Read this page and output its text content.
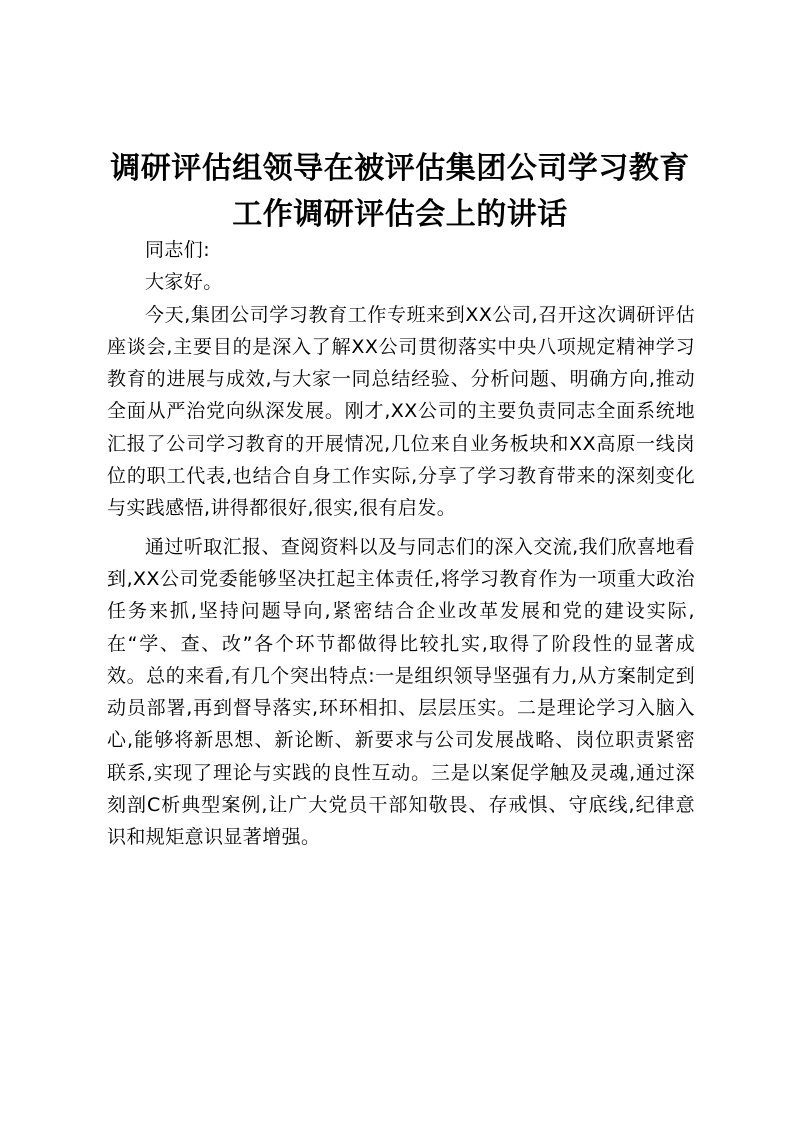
调研评估组领导在被评估集团公司学习教育工作调研评估会上的讲话

同志们:

大家好。

今天,集团公司学习教育工作专班来到XX公司,召开这次调研评估座谈会,主要目的是深入了解XX公司贯彻落实中央八项规定精神学习教育的进展与成效,与大家一同总结经验、分析问题、明确方向,推动全面从严治党向纵深发展。刚才,XX公司的主要负责同志全面系统地汇报了公司学习教育的开展情况,几位来自业务板块和XX高原一线岗位的职工代表,也结合自身工作实际,分享了学习教育带来的深刻变化与实践感悟,讲得都很好,很实,很有启发。

通过听取汇报、查阅资料以及与同志们的深入交流,我们欣喜地看到,XX公司党委能够坚决扛起主体责任,将学习教育作为一项重大政治任务来抓,坚持问题导向,紧密结合企业改革发展和党的建设实际,在“学、查、改”各个环节都做得比较扎实,取得了阶段性的显著成效。总的来看,有几个突出特点:一是组织领导坚强有力,从方案制定到动员部署,再到督导落实,环环相扣、层层压实。二是理论学习入脑入心,能够将新思想、新论断、新要求与公司发展战略、岗位职责紧密联系,实现了理论与实践的良性互动。三是以案促学触及灵魂,通过深刻剖C析典型案例,让广大党员干部知敬畏、存戒惧、守底线,纪律意识和规矩意识显著增强。
